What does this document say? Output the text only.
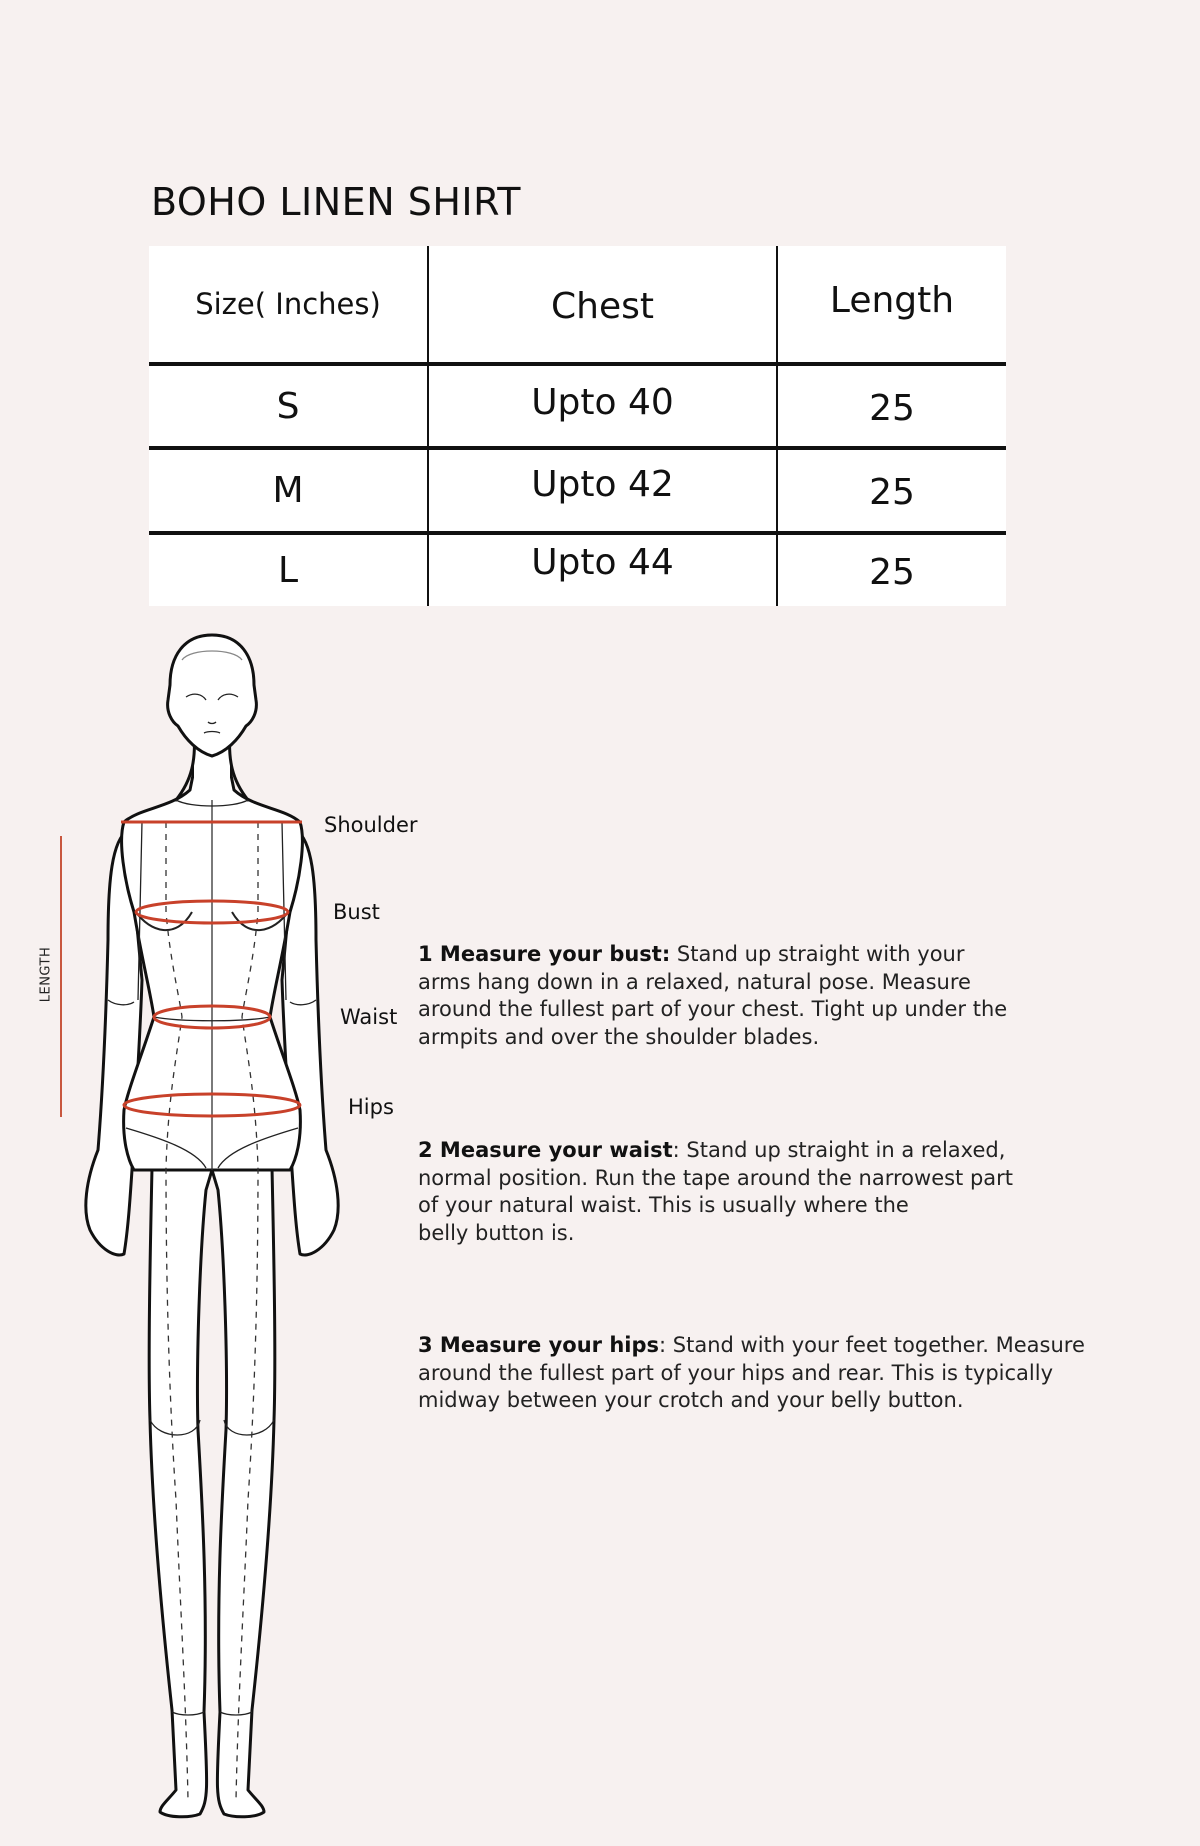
BOHO LINEN SHIRT
Size( Inches)	Chest	Length
S	Upto 40	25
M	Upto 42	25
L	Upto 44	25
LENGTH
Shoulder
Bust
Waist
Hips
1 Measure your bust: Stand up straight with your
arms hang down in a relaxed, natural pose. Measure
around the fullest part of your chest. Tight up under the
armpits and over the shoulder blades.
2 Measure your waist: Stand up straight in a relaxed,
normal position. Run the tape around the narrowest part
of your natural waist. This is usually where the
belly button is.
3 Measure your hips: Stand with your feet together. Measure
around the fullest part of your hips and rear. This is typically
midway between your crotch and your belly button.
